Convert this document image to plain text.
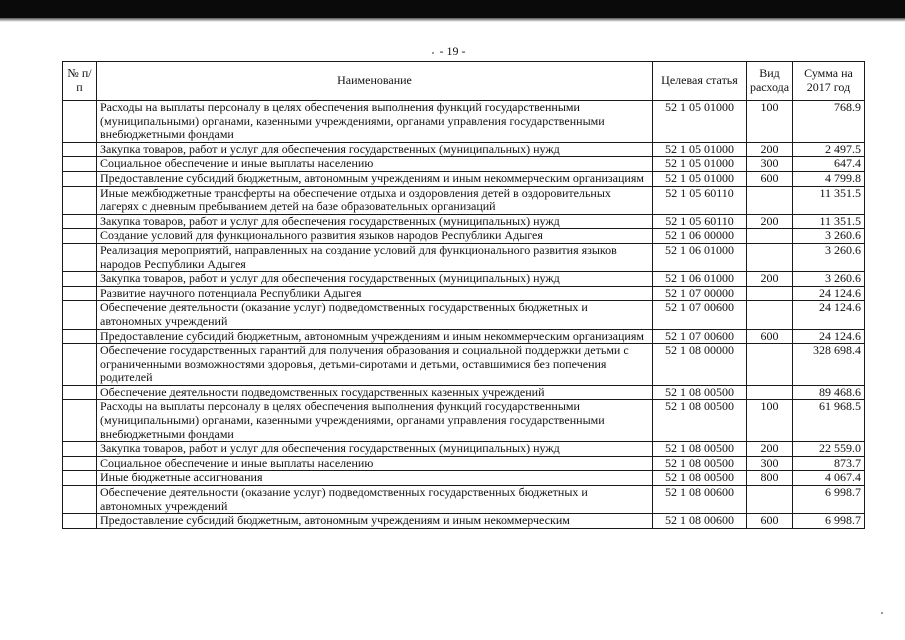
- 19 -
№ п/п	Наименование	Целевая статья	Вид расхода	Сумма на 2017 год
	Расходы на выплаты персоналу в целях обеспечения выполнения функций государственными (муниципальными) органами, казенными учреждениями, органами управления государственными внебюджетными фондами	52 1 05 01000	100	768.9
	Закупка товаров, работ и услуг для обеспечения государственных (муниципальных) нужд	52 1 05 01000	200	2 497.5
	Социальное обеспечение и иные выплаты населению	52 1 05 01000	300	647.4
	Предоставление субсидий бюджетным, автономным учреждениям и иным некоммерческим организациям	52 1 05 01000	600	4 799.8
	Иные межбюджетные трансферты на обеспечение отдыха и оздоровления детей в оздоровительных лагерях с дневным пребыванием детей на базе образовательных организаций	52 1 05 60110		11 351.5
	Закупка товаров, работ и услуг для обеспечения государственных (муниципальных) нужд	52 1 05 60110	200	11 351.5
	Создание условий для функционального развития языков народов Республики Адыгея	52 1 06 00000		3 260.6
	Реализация мероприятий, направленных на создание условий для функционального развития языков народов Республики Адыгея	52 1 06 01000		3 260.6
	Закупка товаров, работ и услуг для обеспечения государственных (муниципальных) нужд	52 1 06 01000	200	3 260.6
	Развитие научного потенциала Республики Адыгея	52 1 07 00000		24 124.6
	Обеспечение деятельности (оказание услуг) подведомственных государственных бюджетных и автономных учреждений	52 1 07 00600		24 124.6
	Предоставление субсидий бюджетным, автономным учреждениям и иным некоммерческим организациям	52 1 07 00600	600	24 124.6
	Обеспечение государственных гарантий для получения образования и социальной поддержки детьми с ограниченными возможностями здоровья, детьми-сиротами и детьми, оставшимися без попечения родителей	52 1 08 00000		328 698.4
	Обеспечение деятельности подведомственных государственных казенных учреждений	52 1 08 00500		89 468.6
	Расходы на выплаты персоналу в целях обеспечения выполнения функций государственными (муниципальными) органами, казенными учреждениями, органами управления государственными внебюджетными фондами	52 1 08 00500	100	61 968.5
	Закупка товаров, работ и услуг для обеспечения государственных (муниципальных) нужд	52 1 08 00500	200	22 559.0
	Социальное обеспечение и иные выплаты населению	52 1 08 00500	300	873.7
	Иные бюджетные ассигнования	52 1 08 00500	800	4 067.4
	Обеспечение деятельности (оказание услуг) подведомственных государственных бюджетных и автономных учреждений	52 1 08 00600		6 998.7
	Предоставление субсидий бюджетным, автономным учреждениям и иным некоммерческим	52 1 08 00600	600	6 998.7
